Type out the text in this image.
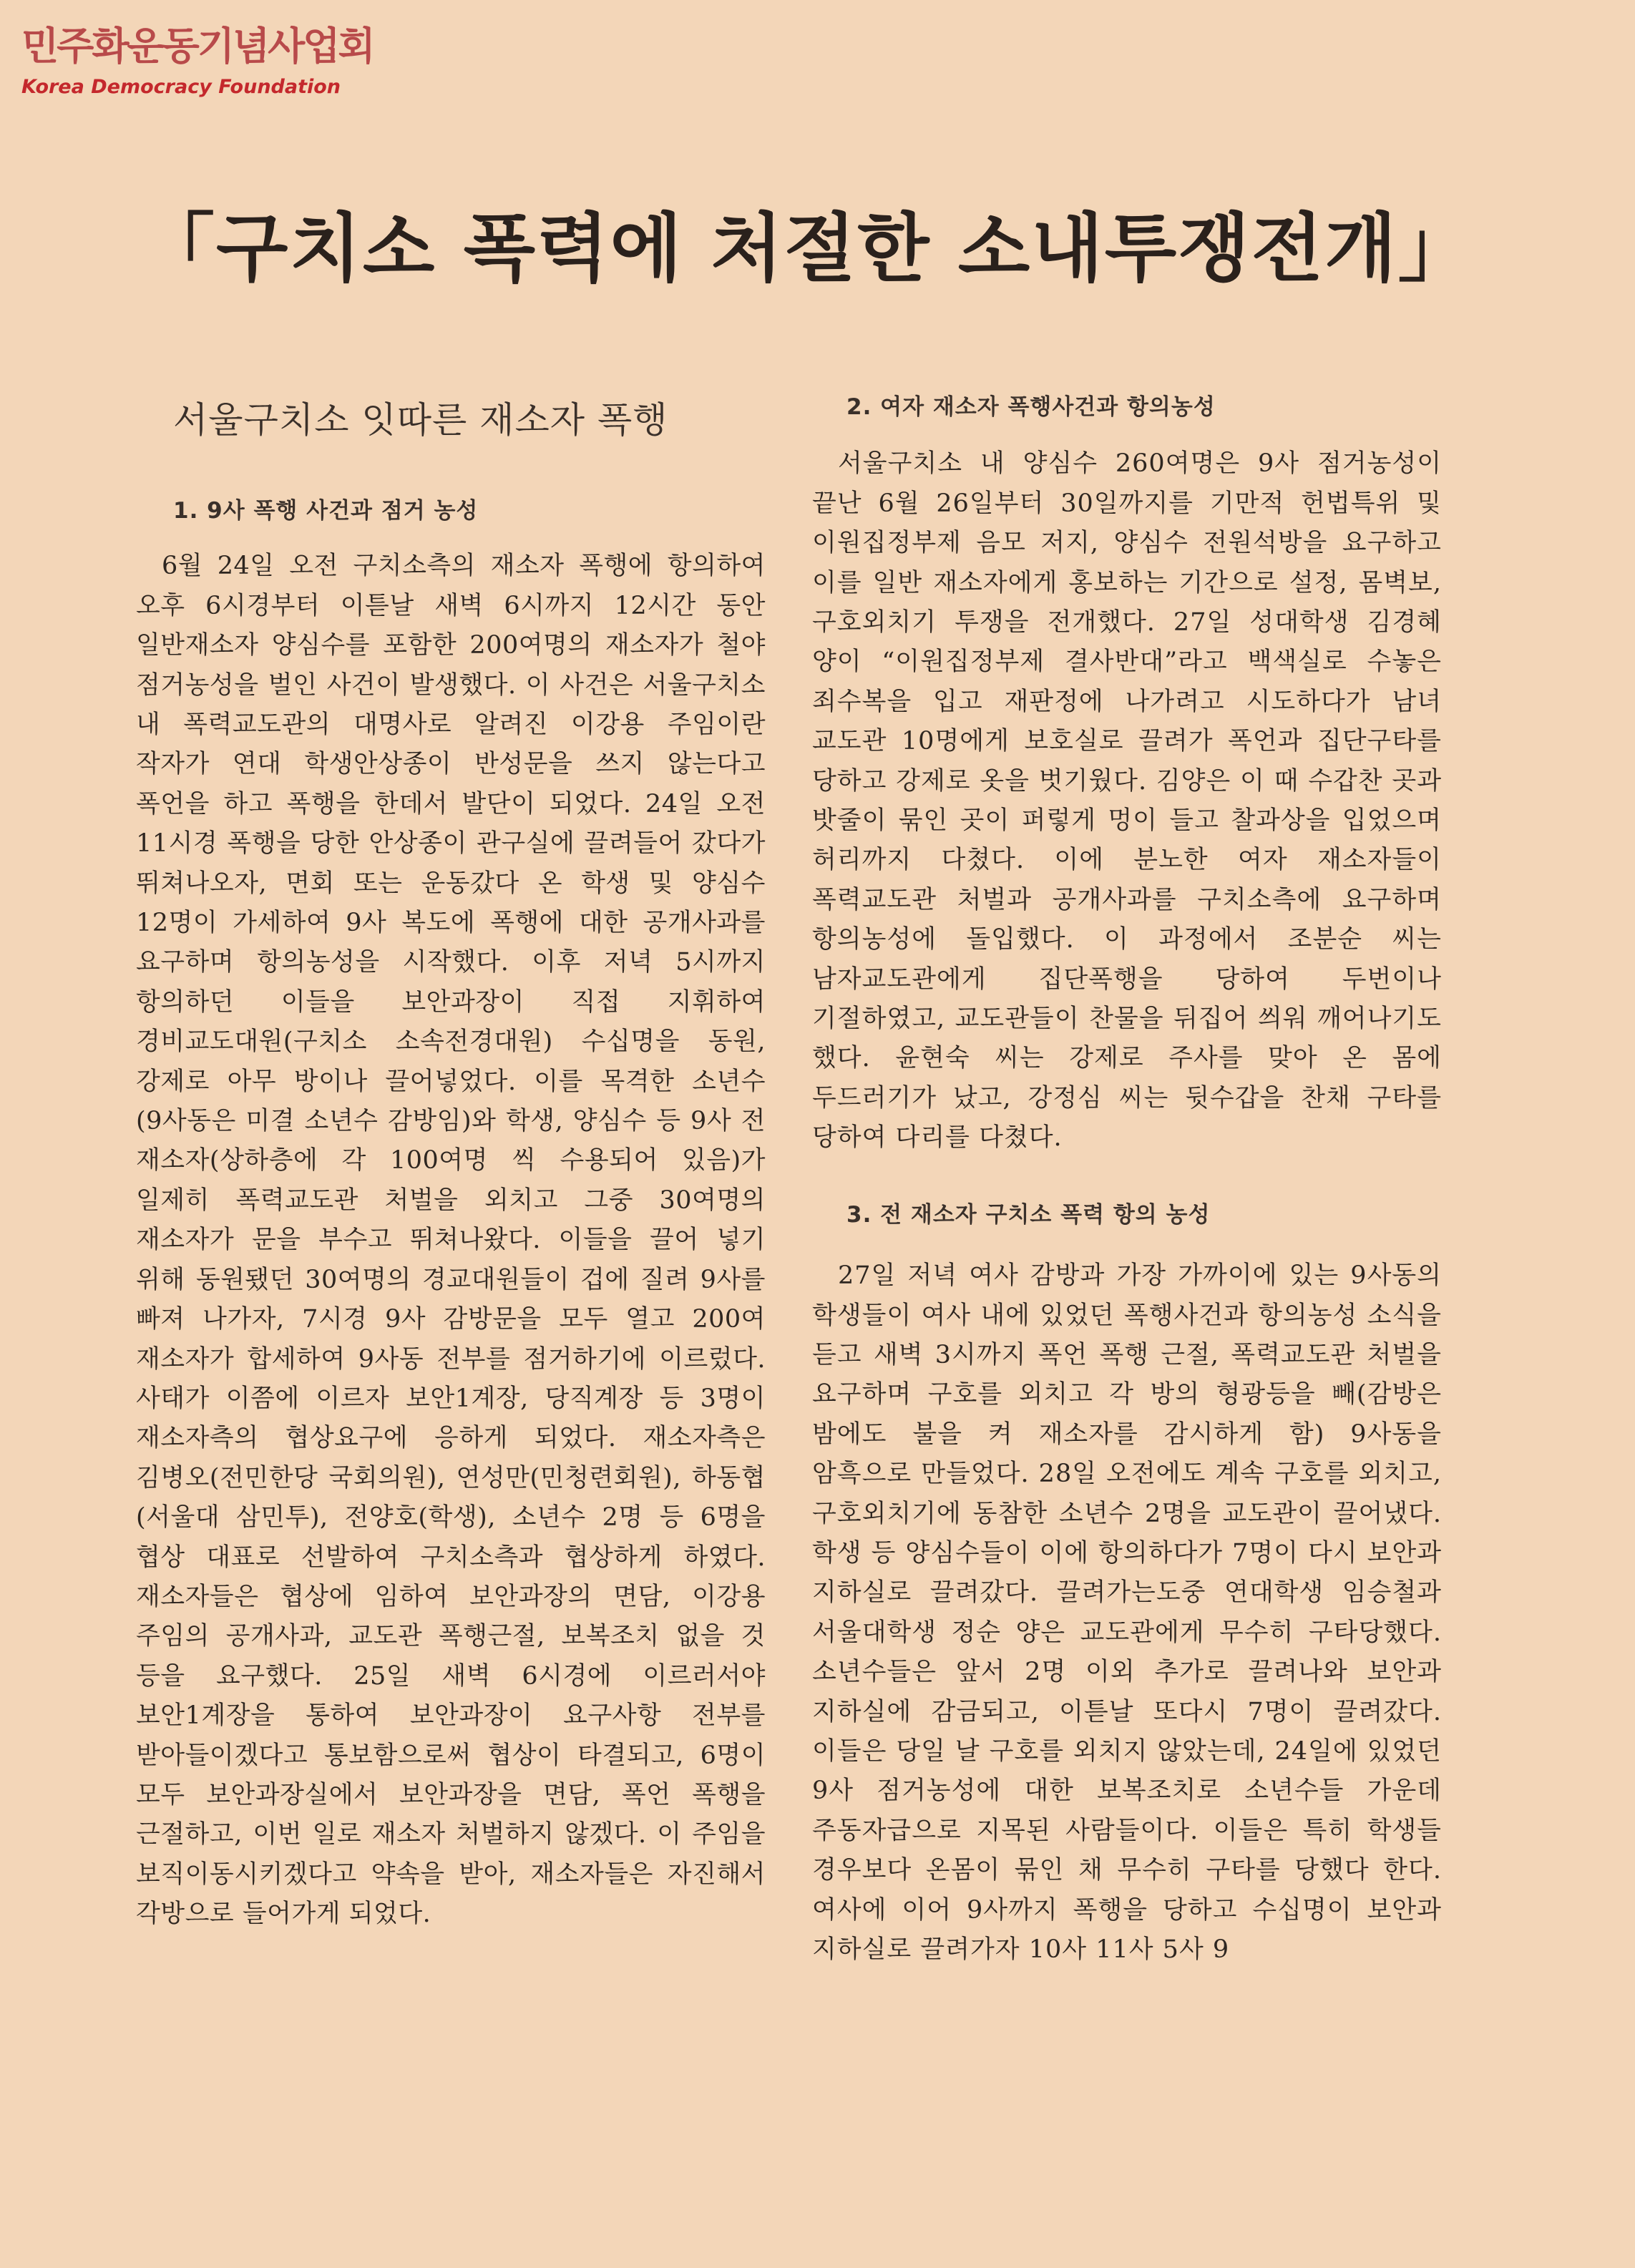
민주화운동기념사업회
Korea Democracy Foundation
「구치소 폭력에 처절한 소내투쟁전개」
서울구치소 잇따른 재소자 폭행
1. 9사 폭행 사건과 점거 농성

6월 24일 오전 구치소측의 재소자 폭행에 항의하여 오후 6시경부터 이튿날 새벽 6시까지 12시간 동안 일반재소자 양심수를 포함한 200여명의 재소자가 철야 점거농성을 벌인 사건이 발생했다. 이 사건은 서울구치소 내 폭력교도관의 대명사로 알려진 이강용 주임이란 작자가 연대 학생안상종이 반성문을 쓰지 않는다고 폭언을 하고 폭행을 한데서 발단이 되었다. 24일 오전 11시경 폭행을 당한 안상종이 관구실에 끌려들어 갔다가 뛰쳐나오자, 면회 또는 운동갔다 온 학생 및 양심수 12명이 가세하여 9사 복도에 폭행에 대한 공개사과를 요구하며 항의농성을 시작했다. 이후 저녁 5시까지 항의하던 이들을 보안과장이 직접 지휘하여 경비교도대원(구치소 소속전경대원) 수십명을 동원, 강제로 아무 방이나 끌어넣었다. 이를 목격한 소년수(9사동은 미결 소년수 감방임)와 학생, 양심수 등 9사 전 재소자(상하층에 각 100여명 씩 수용되어 있음)가 일제히 폭력교도관 처벌을 외치고 그중 30여명의 재소자가 문을 부수고 뛰쳐나왔다. 이들을 끌어 넣기 위해 동원됐던 30여명의 경교대원들이 겁에 질려 9사를 빠져 나가자, 7시경 9사 감방문을 모두 열고 200여 재소자가 합세하여 9사동 전부를 점거하기에 이르렀다. 사태가 이쯤에 이르자 보안1계장, 당직계장 등 3명이 재소자측의 협상요구에 응하게 되었다. 재소자측은 김병오(전민한당 국회의원), 연성만(민청련회원), 하동협(서울대 삼민투), 전양호(학생), 소년수 2명 등 6명을 협상 대표로 선발하여 구치소측과 협상하게 하였다. 재소자들은 협상에 임하여 보안과장의 면담, 이강용 주임의 공개사과, 교도관 폭행근절, 보복조치 없을 것 등을 요구했다. 25일 새벽 6시경에 이르러서야 보안1계장을 통하여 보안과장이 요구사항 전부를 받아들이겠다고 통보함으로써 협상이 타결되고, 6명이 모두 보안과장실에서 보안과장을 면담, 폭언 폭행을 근절하고, 이번 일로 재소자 처벌하지 않겠다. 이 주임을 보직이동시키겠다고 약속을 받아, 재소자들은 자진해서 각방으로 들어가게 되었다.

2. 여자 재소자 폭행사건과 항의농성

서울구치소 내 양심수 260여명은 9사 점거농성이 끝난 6월 26일부터 30일까지를 기만적 헌법특위 및 이원집정부제 음모 저지, 양심수 전원석방을 요구하고 이를 일반 재소자에게 홍보하는 기간으로 설정, 몸벽보, 구호외치기 투쟁을 전개했다. 27일 성대학생 김경혜 양이 “이원집정부제 결사반대”라고 백색실로 수놓은 죄수복을 입고 재판정에 나가려고 시도하다가 남녀 교도관 10명에게 보호실로 끌려가 폭언과 집단구타를 당하고 강제로 옷을 벗기웠다. 김양은 이 때 수갑찬 곳과 밧줄이 묶인 곳이 퍼렇게 멍이 들고 찰과상을 입었으며 허리까지 다쳤다. 이에 분노한 여자 재소자들이 폭력교도관 처벌과 공개사과를 구치소측에 요구하며 항의농성에 돌입했다. 이 과정에서 조분순 씨는 남자교도관에게 집단폭행을 당하여 두번이나 기절하였고, 교도관들이 찬물을 뒤집어 씌워 깨어나기도 했다. 윤현숙 씨는 강제로 주사를 맞아 온 몸에 두드러기가 났고, 강정심 씨는 뒷수갑을 찬채 구타를 당하여 다리를 다쳤다.

3. 전 재소자 구치소 폭력 항의 농성

27일 저녁 여사 감방과 가장 가까이에 있는 9사동의 학생들이 여사 내에 있었던 폭행사건과 항의농성 소식을 듣고 새벽 3시까지 폭언 폭행 근절, 폭력교도관 처벌을 요구하며 구호를 외치고 각 방의 형광등을 빼(감방은 밤에도 불을 켜 재소자를 감시하게 함) 9사동을 암흑으로 만들었다. 28일 오전에도 계속 구호를 외치고, 구호외치기에 동참한 소년수 2명을 교도관이 끌어냈다. 학생 등 양심수들이 이에 항의하다가 7명이 다시 보안과 지하실로 끌려갔다. 끌려가는도중 연대학생 임승철과 서울대학생 정순 양은 교도관에게 무수히 구타당했다. 소년수들은 앞서 2명 이외 추가로 끌려나와 보안과 지하실에 감금되고, 이튿날 또다시 7명이 끌려갔다. 이들은 당일 날 구호를 외치지 않았는데, 24일에 있었던 9사 점거농성에 대한 보복조치로 소년수들 가운데 주동자급으로 지목된 사람들이다. 이들은 특히 학생들 경우보다 온몸이 묶인 채 무수히 구타를 당했다 한다. 여사에 이어 9사까지 폭행을 당하고 수십명이 보안과 지하실로 끌려가자 10사 11사 5사 9
